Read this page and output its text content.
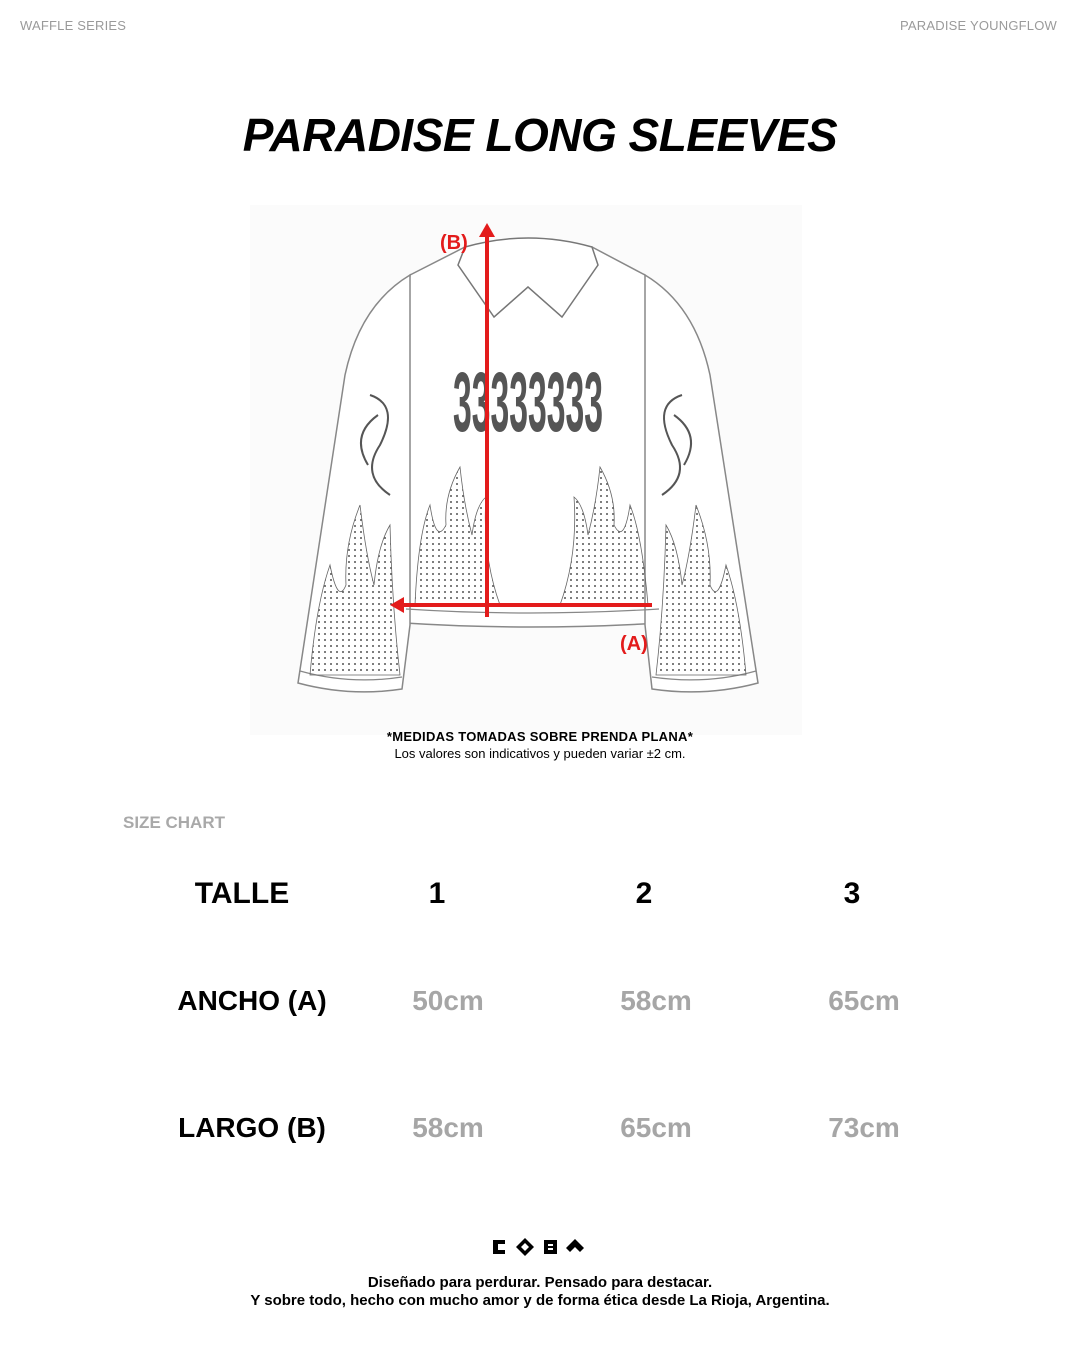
WAFFLE SERIES	PARADISE YOUNGFLOW
PARADISE LONG SLEEVES
33333333
(B)
(A)
*MEDIDAS TOMADAS SOBRE PRENDA PLANA*
Los valores son indicativos y pueden variar ±2 cm.
SIZE CHART
TALLE	1	2	3
ANCHO (A)	50cm	58cm	65cm
LARGO (B)	58cm	65cm	73cm
Diseñado para perdurar. Pensado para destacar.
Y sobre todo, hecho con mucho amor y de forma ética desde La Rioja, Argentina.
